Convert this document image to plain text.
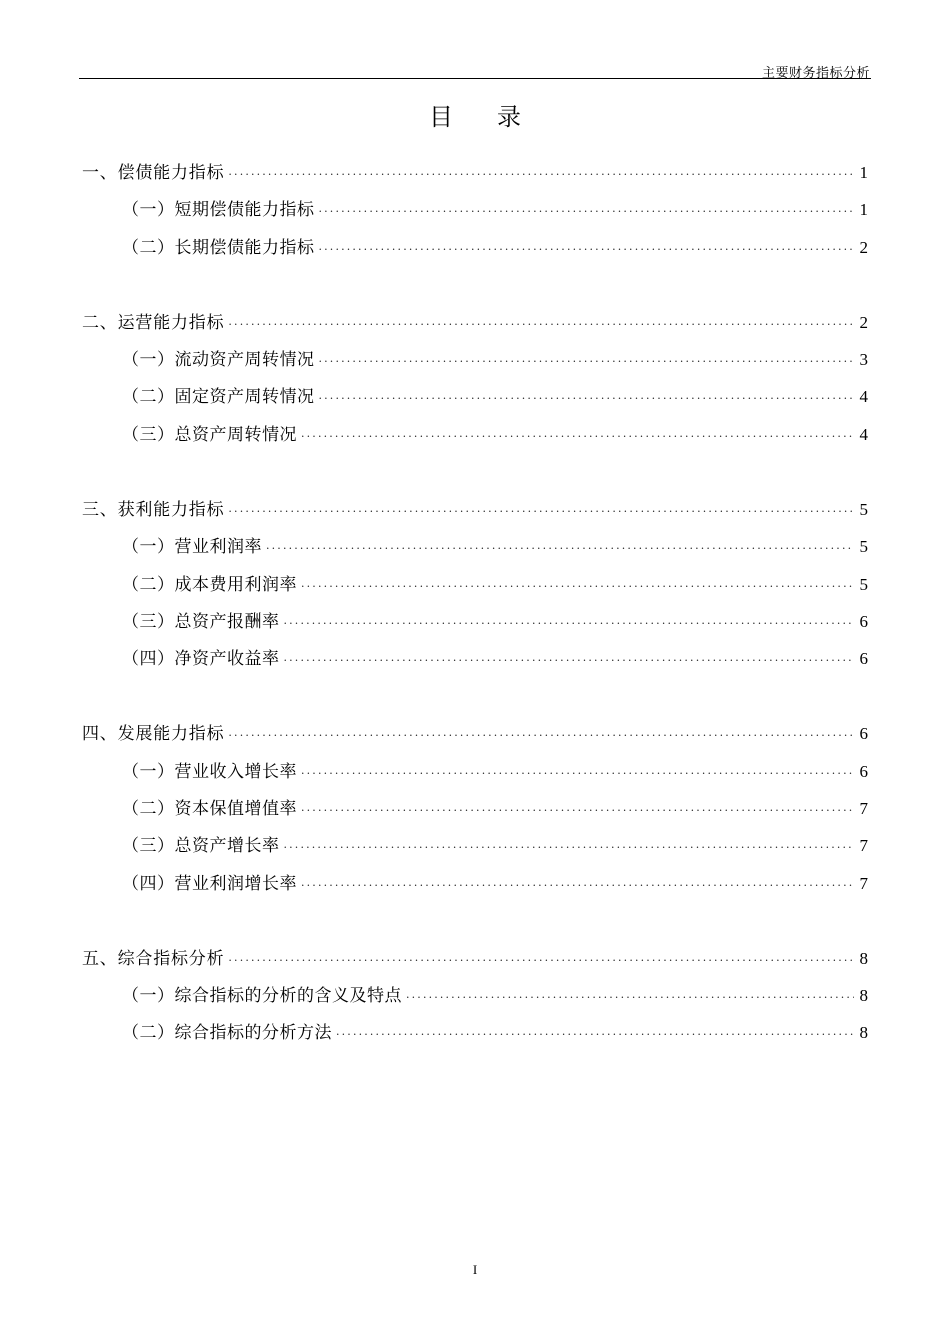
主要财务指标分析
目录
一、偿债能力指标 ·····	1
（一）短期偿债能力指标 ·····	1
（二）长期偿债能力指标 ·····	2
二、运营能力指标 ·····	2
（一）流动资产周转情况 ·····	3
（二）固定资产周转情况 ·····	4
（三）总资产周转情况 ·····	4
三、获利能力指标 ·····	5
（一）营业利润率 ·····	5
（二）成本费用利润率 ·····	5
（三）总资产报酬率 ·····	6
（四）净资产收益率 ·····	6
四、发展能力指标 ·····	6
（一）营业收入增长率 ·····	6
（二）资本保值增值率 ·····	7
（三）总资产增长率 ·····	7
（四）营业利润增长率 ·····	7
五、综合指标分析 ·····	8
（一）综合指标的分析的含义及特点 ·····	8
（二）综合指标的分析方法 ·····	8
I
